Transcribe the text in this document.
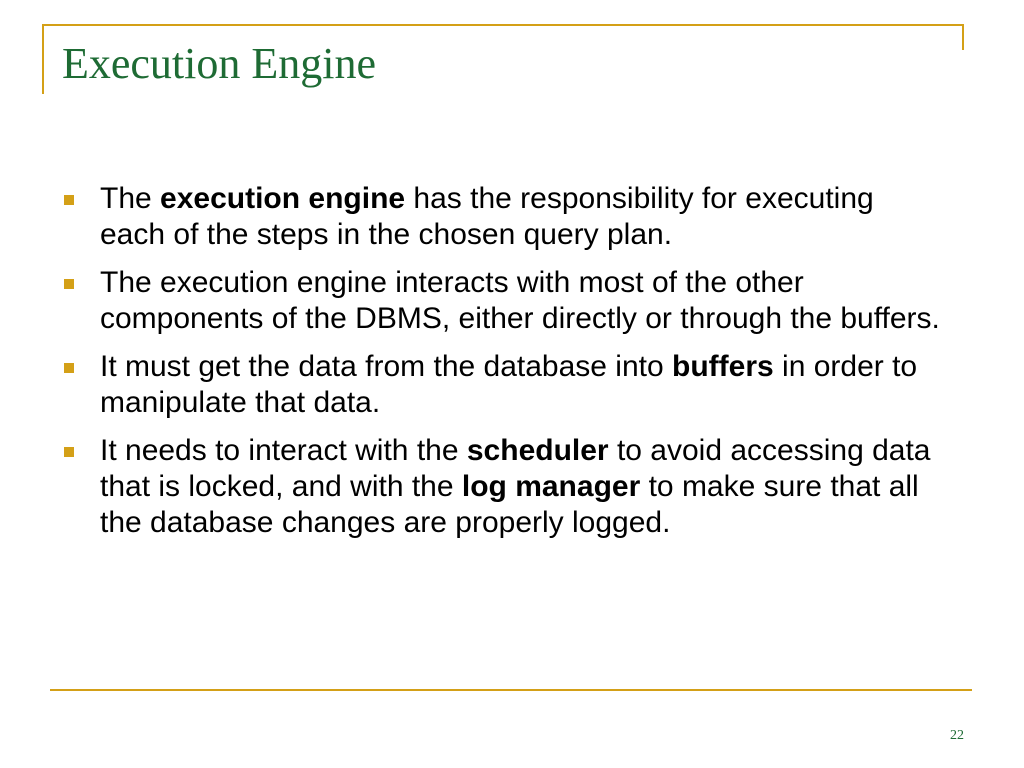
Execution Engine
The execution engine has the responsibility for executing each of the steps in the chosen query plan.
The execution engine interacts with most of the other components of the DBMS, either directly or through the buffers.
It must get the data from the database into buffers in order to manipulate that data.
It needs to interact with the scheduler to avoid accessing data that is locked, and with the log manager to make sure that all the database changes are properly logged.
22
